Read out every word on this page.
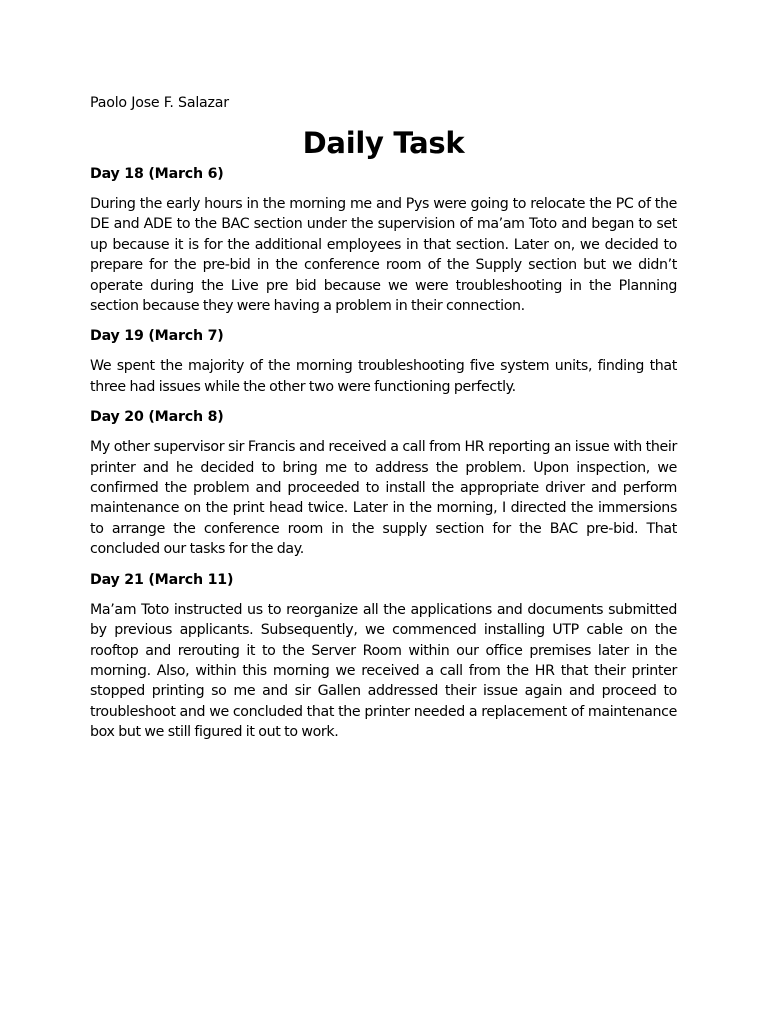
Paolo Jose F. Salazar

Daily Task

Day 18 (March 6)

During the early hours in the morning me and Pys were going to relocate the PC of the DE and ADE to the BAC section under the supervision of ma’am Toto and began to set up because it is for the additional employees in that section. Later on, we decided to prepare for the pre-bid in the conference room of the Supply section but we didn’t operate during the Live pre bid because we were troubleshooting in the Planning section because they were having a problem in their connection.

Day 19 (March 7)

We spent the majority of the morning troubleshooting five system units, finding that three had issues while the other two were functioning perfectly.

Day 20 (March 8)

My other supervisor sir Francis and received a call from HR reporting an issue with their printer and he decided to bring me to address the problem. Upon inspection, we confirmed the problem and proceeded to install the appropriate driver and perform maintenance on the print head twice. Later in the morning, I directed the immersions to arrange the conference room in the supply section for the BAC pre-bid. That concluded our tasks for the day.

Day 21 (March 11)

Ma’am Toto instructed us to reorganize all the applications and documents submitted by previous applicants. Subsequently, we commenced installing UTP cable on the rooftop and rerouting it to the Server Room within our office premises later in the morning. Also, within this morning we received a call from the HR that their printer stopped printing so me and sir Gallen addressed their issue again and proceed to troubleshoot and we concluded that the printer needed a replacement of maintenance box but we still figured it out to work.
